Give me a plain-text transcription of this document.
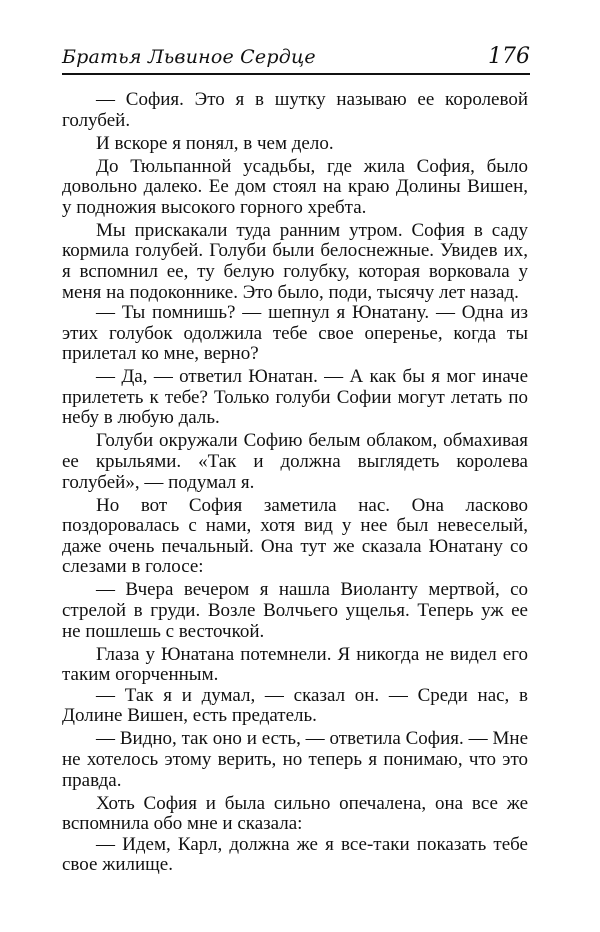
Братья Львиное Сердце	176

— София. Это я в шутку называю ее королевой голубей.

И вскоре я понял, в чем дело.

До Тюльпанной усадьбы, где жила София, было довольно далеко. Ее дом стоял на краю Долины Вишен, у подножия высокого горного хребта.

Мы прискакали туда ранним утром. София в саду кормила голубей. Голуби были белоснежные. Увидев их, я вспомнил ее, ту белую голубку, которая ворковала у меня на подоконнике. Это было, поди, тысячу лет назад.

— Ты помнишь? — шепнул я Юнатану. — Одна из этих голубок одолжила тебе свое оперенье, когда ты прилетал ко мне, верно?

— Да, — ответил Юнатан. — А как бы я мог иначе прилететь к тебе? Только голуби Софии могут летать по небу в любую даль.

Голуби окружали Софию белым облаком, обмахивая ее крыльями. «Так и должна выглядеть королева голубей», — подумал я.

Но вот София заметила нас. Она ласково поздоровалась с нами, хотя вид у нее был невеселый, даже очень печальный. Она тут же сказала Юнатану со слезами в голосе:

— Вчера вечером я нашла Виоланту мертвой, со стрелой в груди. Возле Волчьего ущелья. Теперь уж ее не пошлешь с весточкой.

Глаза у Юнатана потемнели. Я никогда не видел его таким огорченным.

— Так я и думал, — сказал он. — Среди нас, в Долине Вишен, есть предатель.

— Видно, так оно и есть, — ответила София. — Мне не хотелось этому верить, но теперь я понимаю, что это правда.

Хоть София и была сильно опечалена, она все же вспомнила обо мне и сказала:

— Идем, Карл, должна же я все-таки показать тебе свое жилище.
